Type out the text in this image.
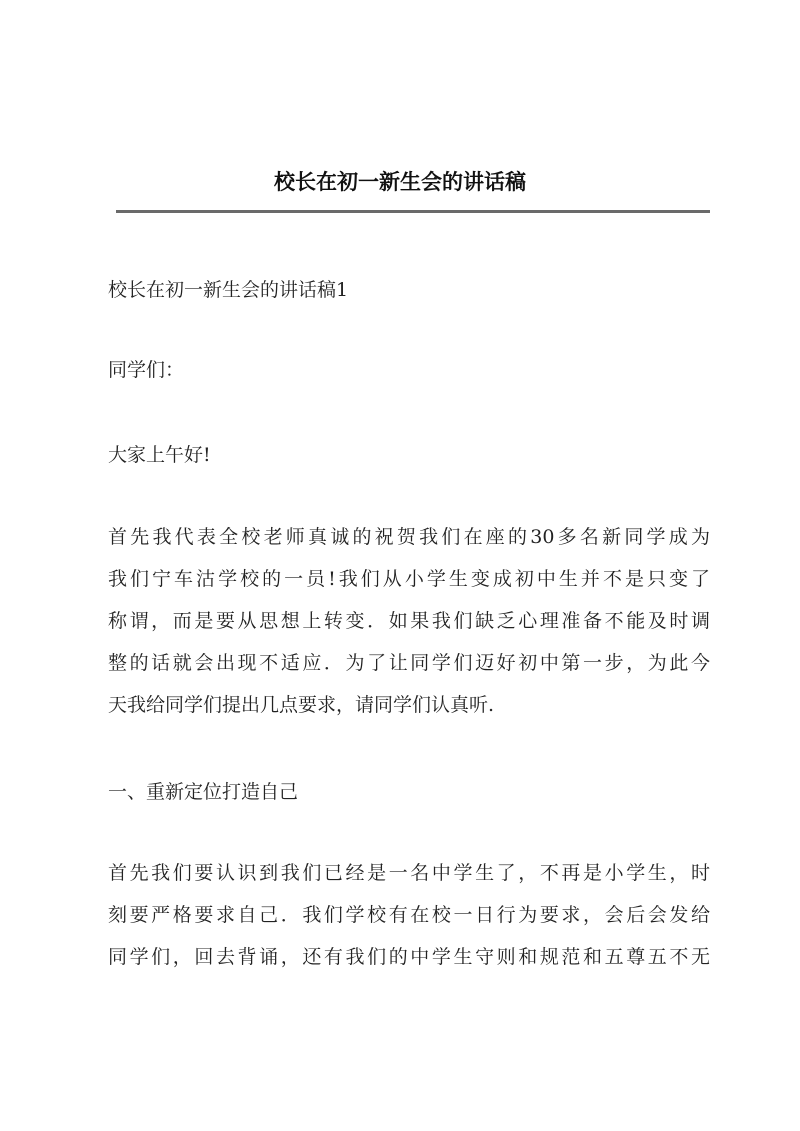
校长在初一新生会的讲话稿
校长在初一新生会的讲话稿1
同学们：
大家上午好!
首先我代表全校老师真诚的祝贺我们在座的30多名新同学成为
我们宁车沽学校的一员!我们从小学生变成初中生并不是只变了
称谓，而是要从思想上转变．如果我们缺乏心理准备不能及时调
整的话就会出现不适应．为了让同学们迈好初中第一步，为此今
天我给同学们提出几点要求，请同学们认真听.
一、重新定位打造自己
首先我们要认识到我们已经是一名中学生了，不再是小学生，时
刻要严格要求自己．我们学校有在校一日行为要求，会后会发给
同学们，回去背诵，还有我们的中学生守则和规范和五尊五不无
